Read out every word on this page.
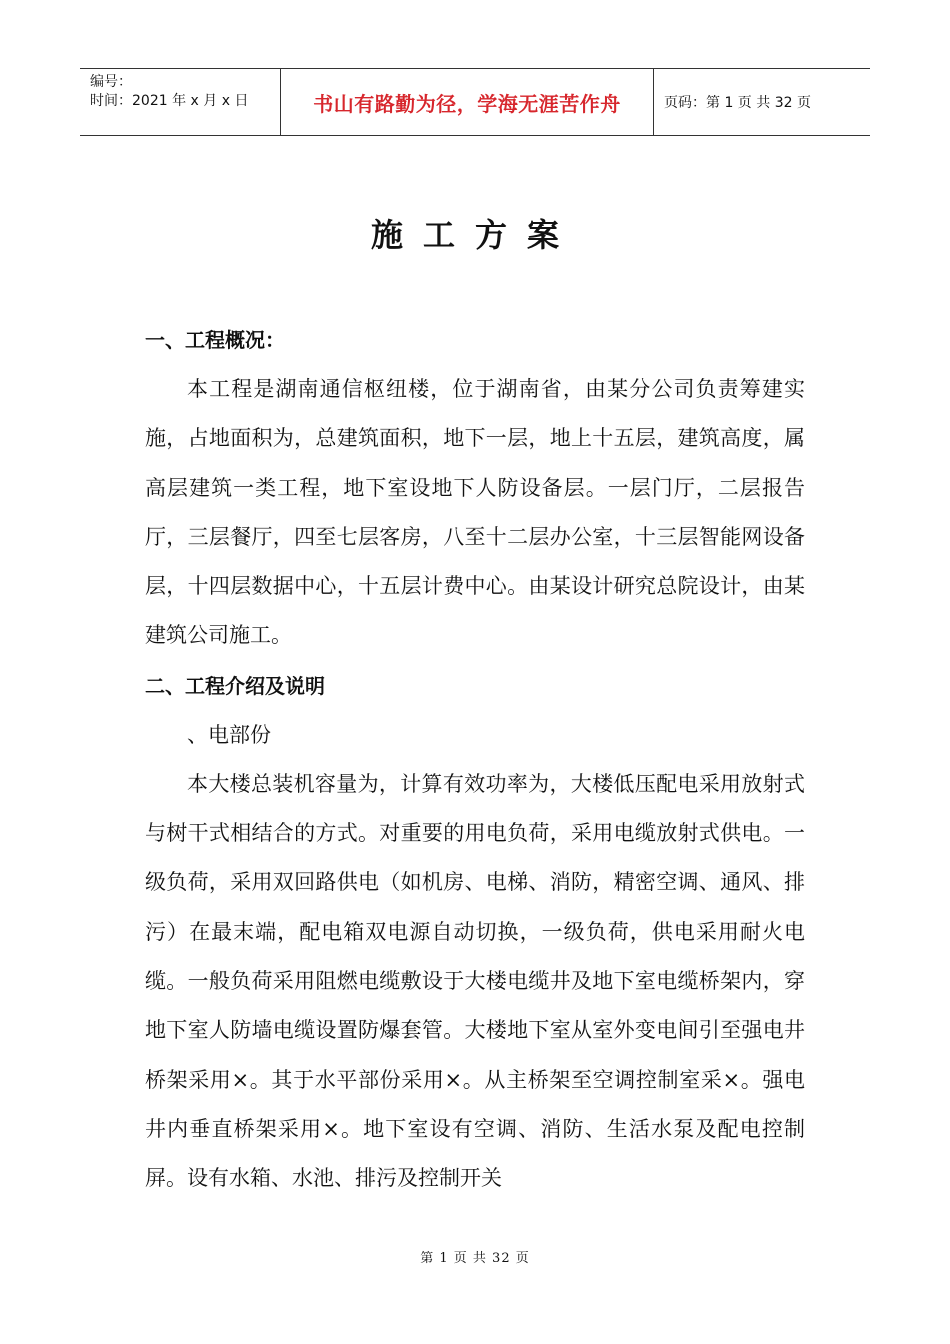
编号：
时间：2021 年 x 月 x 日	书山有路勤为径，学海无涯苦作舟	页码：第 1 页 共 32 页
施工方案
一、工程概况：

本工程是湖南通信枢纽楼，位于湖南省，由某分公司负责筹建实施，占地面积为，总建筑面积，地下一层，地上十五层，建筑高度，属高层建筑一类工程，地下室设地下人防设备层。一层门厅，二层报告厅，三层餐厅，四至七层客房，八至十二层办公室，十三层智能网设备层，十四层数据中心，十五层计费中心。由某设计研究总院设计，由某建筑公司施工。

二、工程介绍及说明

、电部份

本大楼总装机容量为，计算有效功率为，大楼低压配电采用放射式与树干式相结合的方式。对重要的用电负荷，采用电缆放射式供电。一级负荷，采用双回路供电（如机房、电梯、消防，精密空调、通风、排污）在最末端，配电箱双电源自动切换，一级负荷，供电采用耐火电缆。一般负荷采用阻燃电缆敷设于大楼电缆井及地下室电缆桥架内，穿地下室人防墙电缆设置防爆套管。大楼地下室从室外变电间引至强电井桥架采用×。其于水平部份采用×。从主桥架至空调控制室采×。强电井内垂直桥架采用×。地下室设有空调、消防、生活水泵及配电控制屏。设有水箱、水池、排污及控制开关

第 1 页 共 32 页
